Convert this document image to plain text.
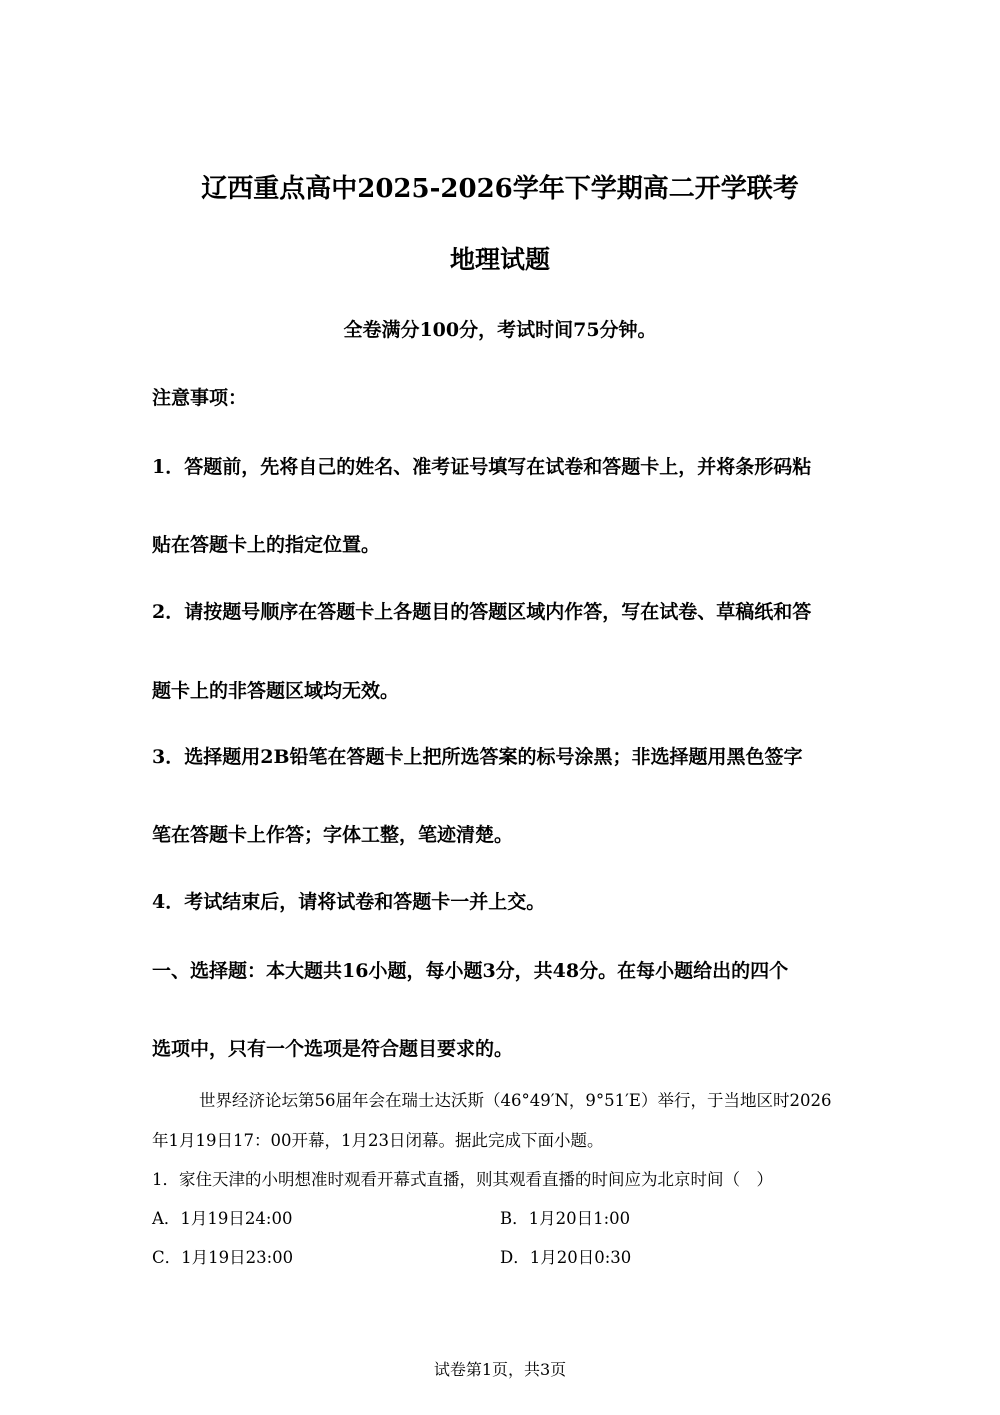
辽西重点高中2025-2026学年下学期高二开学联考
地理试题
全卷满分100分，考试时间75分钟。
注意事项：
1．答题前，先将自己的姓名、准考证号填写在试卷和答题卡上，并将条形码粘
贴在答题卡上的指定位置。
2．请按题号顺序在答题卡上各题目的答题区域内作答，写在试卷、草稿纸和答
题卡上的非答题区域均无效。
3．选择题用2B铅笔在答题卡上把所选答案的标号涂黑；非选择题用黑色签字
笔在答题卡上作答；字体工整，笔迹清楚。
4．考试结束后，请将试卷和答题卡一并上交。
一、选择题：本大题共16小题，每小题3分，共48分。在每小题给出的四个
选项中，只有一个选项是符合题目要求的。
世界经济论坛第56届年会在瑞士达沃斯（46°49′N，9°51′E）举行，于当地区时2026
年1月19日17：00开幕，1月23日闭幕。据此完成下面小题。
1．家住天津的小明想准时观看开幕式直播，则其观看直播的时间应为北京时间（　）
A．1月19日24:00	B．1月20日1:00
C．1月19日23:00	D．1月20日0:30
试卷第1页，共3页
